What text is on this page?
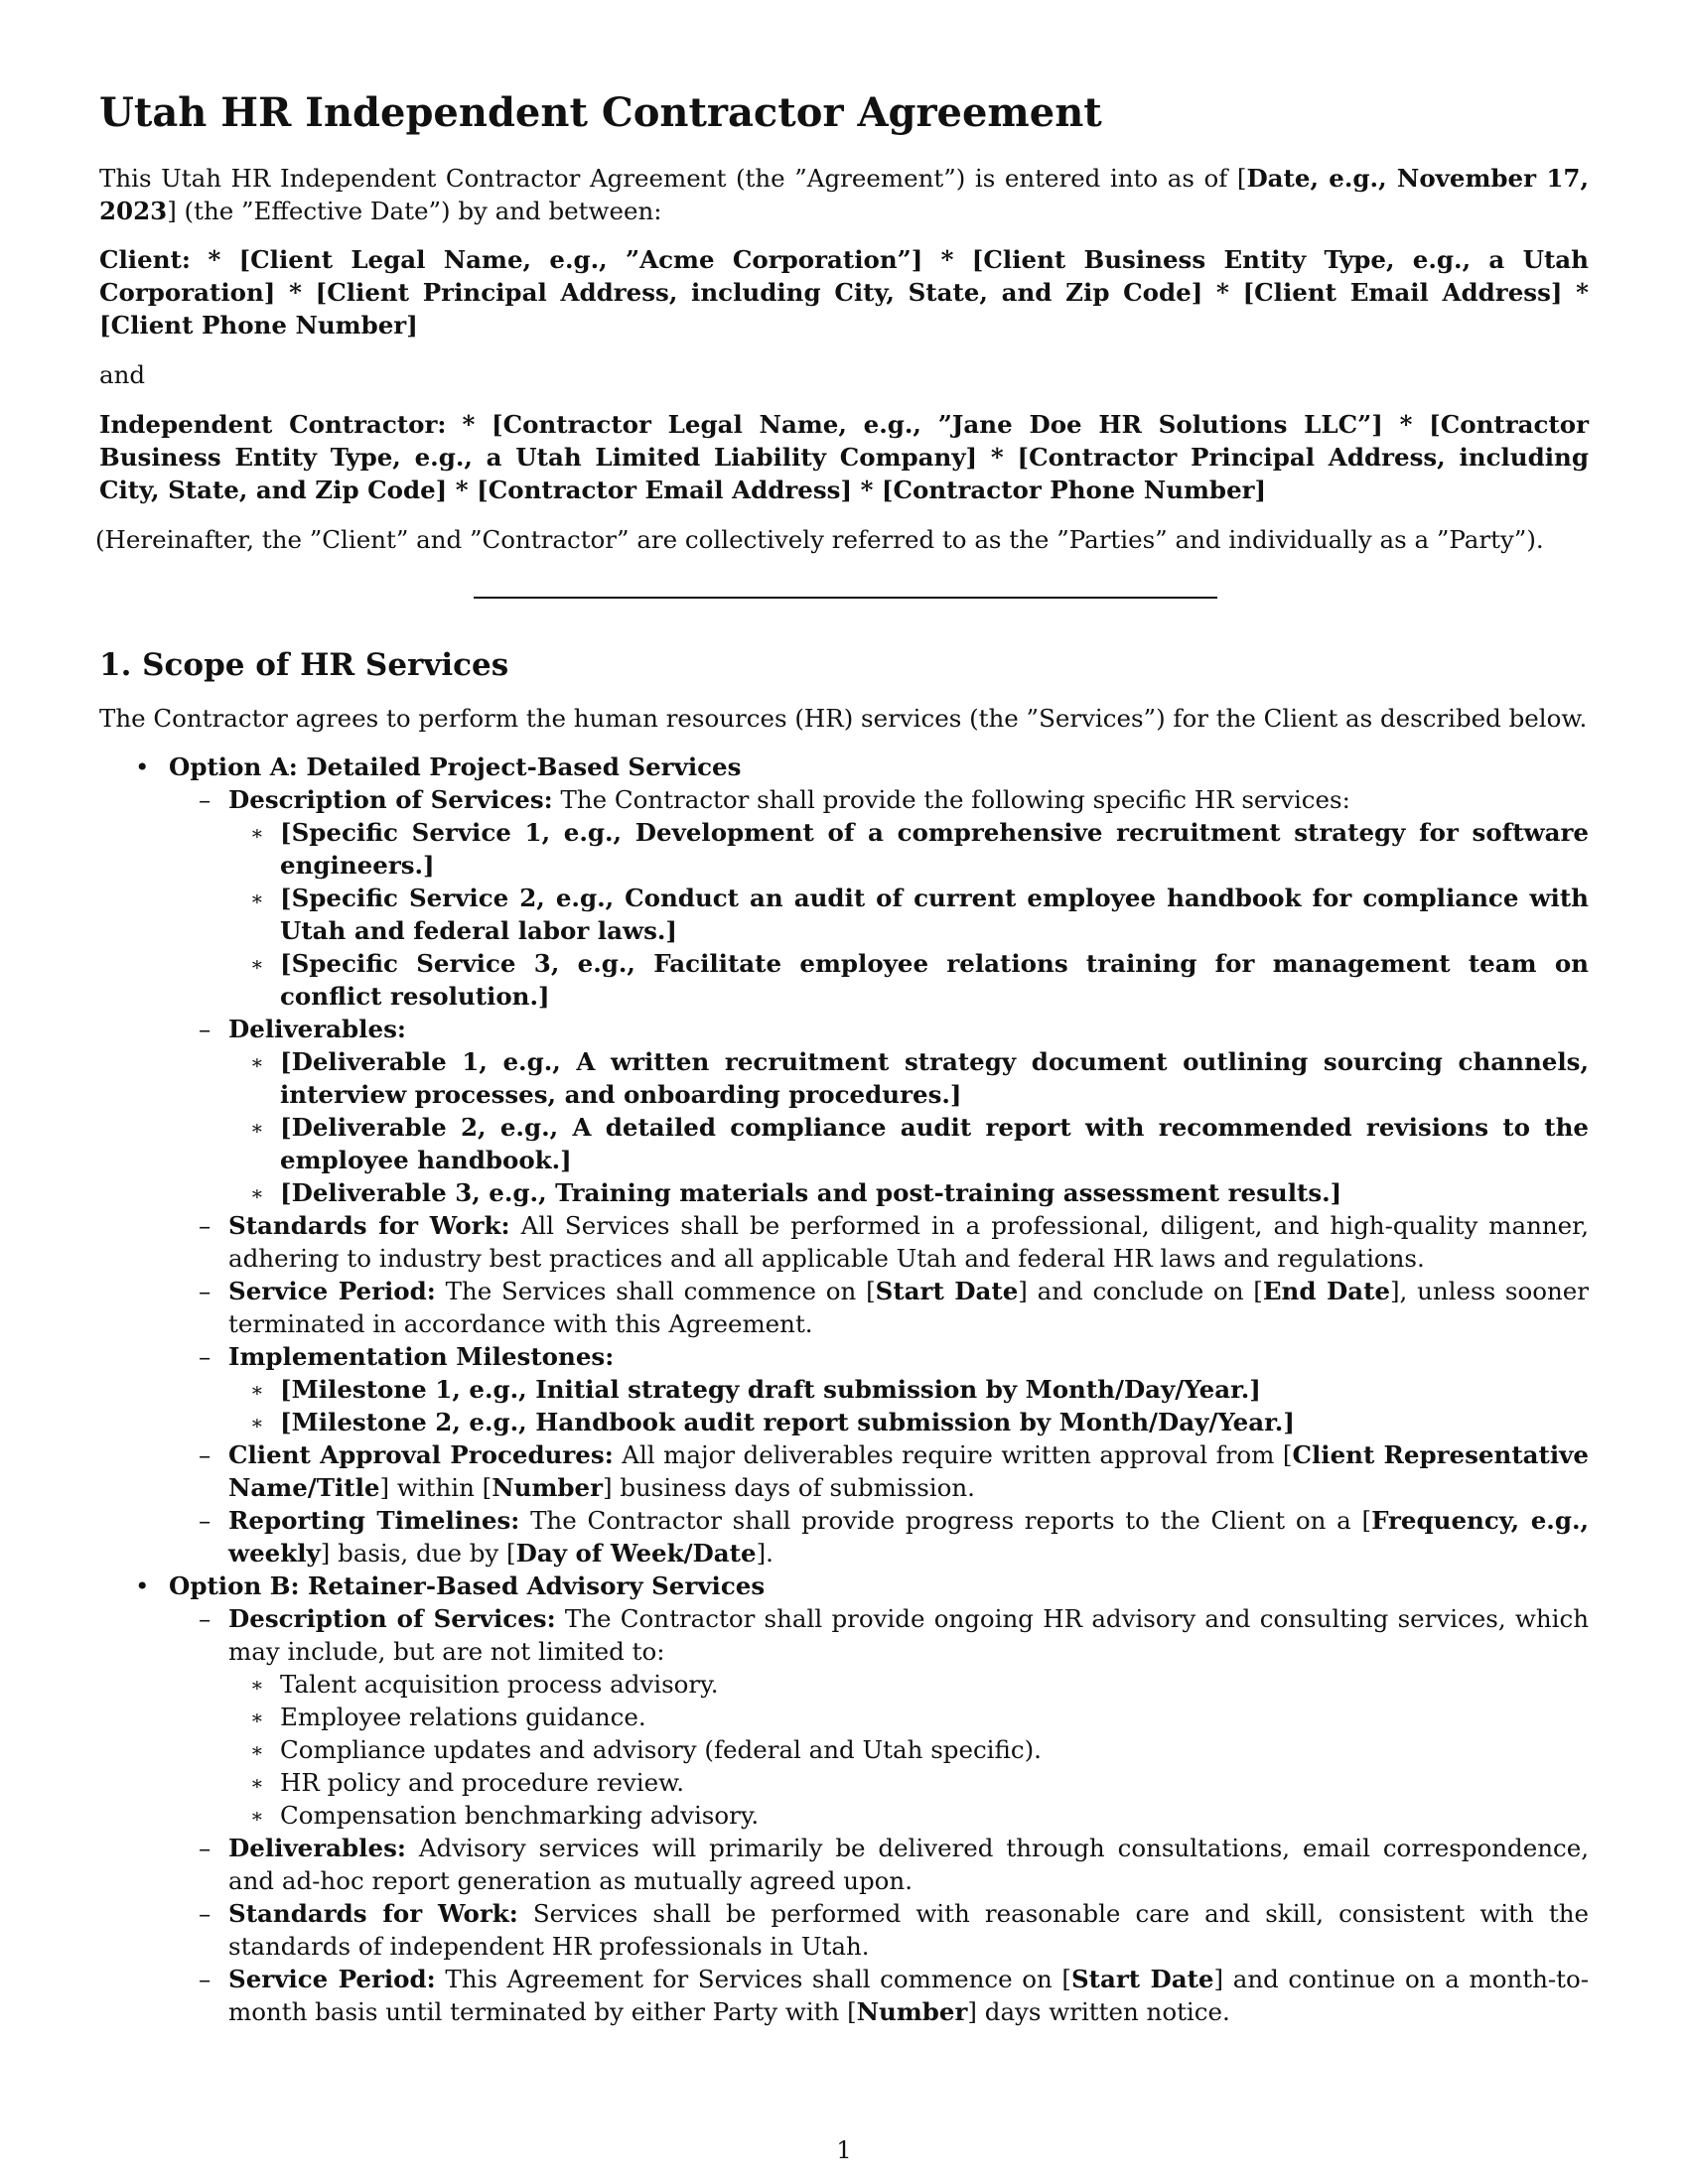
Utah HR Independent Contractor Agreement

This Utah HR Independent Contractor Agreement (the ”Agreement”) is entered into as of [Date, e.g., November 17, 2023] (the ”Effective Date”) by and between:

Client: * [Client Legal Name, e.g., ”Acme Corporation”] * [Client Business Entity Type, e.g., a Utah Corporation] * [Client Principal Address, including City, State, and Zip Code] * [Client Email Address] * [Client Phone Number]

and

Independent Contractor: * [Contractor Legal Name, e.g., ”Jane Doe HR Solutions LLC”] * [Contractor Business Entity Type, e.g., a Utah Limited Liability Company] * [Contractor Principal Address, including City, State, and Zip Code] * [Contractor Email Address] * [Contractor Phone Number]

(Hereinafter, the ”Client” and ”Contractor” are collectively referred to as the ”Parties” and individually as a ”Party”).

1. Scope of HR Services

The Contractor agrees to perform the human resources (HR) services (the ”Services”) for the Client as described below.

• Option A: Detailed Project-Based Services
– Description of Services: The Contractor shall provide the following specific HR services:
∗ [Specific Service 1, e.g., Development of a comprehensive recruitment strategy for software engineers.]
∗ [Specific Service 2, e.g., Conduct an audit of current employee handbook for compliance with Utah and federal labor laws.]
∗ [Specific Service 3, e.g., Facilitate employee relations training for management team on conflict resolution.]
– Deliverables:
∗ [Deliverable 1, e.g., A written recruitment strategy document outlining sourcing channels, interview processes, and onboarding procedures.]
∗ [Deliverable 2, e.g., A detailed compliance audit report with recommended revisions to the employee handbook.]
∗ [Deliverable 3, e.g., Training materials and post-training assessment results.]
– Standards for Work: All Services shall be performed in a professional, diligent, and high-quality manner, adhering to industry best practices and all applicable Utah and federal HR laws and regulations.
– Service Period: The Services shall commence on [Start Date] and conclude on [End Date], unless sooner terminated in accordance with this Agreement.
– Implementation Milestones:
∗ [Milestone 1, e.g., Initial strategy draft submission by Month/Day/Year.]
∗ [Milestone 2, e.g., Handbook audit report submission by Month/Day/Year.]
– Client Approval Procedures: All major deliverables require written approval from [Client Representative Name/Title] within [Number] business days of submission.
– Reporting Timelines: The Contractor shall provide progress reports to the Client on a [Frequency, e.g., weekly] basis, due by [Day of Week/Date].
• Option B: Retainer-Based Advisory Services
– Description of Services: The Contractor shall provide ongoing HR advisory and consulting services, which may include, but are not limited to:
∗ Talent acquisition process advisory.
∗ Employee relations guidance.
∗ Compliance updates and advisory (federal and Utah specific).
∗ HR policy and procedure review.
∗ Compensation benchmarking advisory.
– Deliverables: Advisory services will primarily be delivered through consultations, email correspondence, and ad-hoc report generation as mutually agreed upon.
– Standards for Work: Services shall be performed with reasonable care and skill, consistent with the standards of independent HR professionals in Utah.
– Service Period: This Agreement for Services shall commence on [Start Date] and continue on a month-to-month basis until terminated by either Party with [Number] days written notice.
1
